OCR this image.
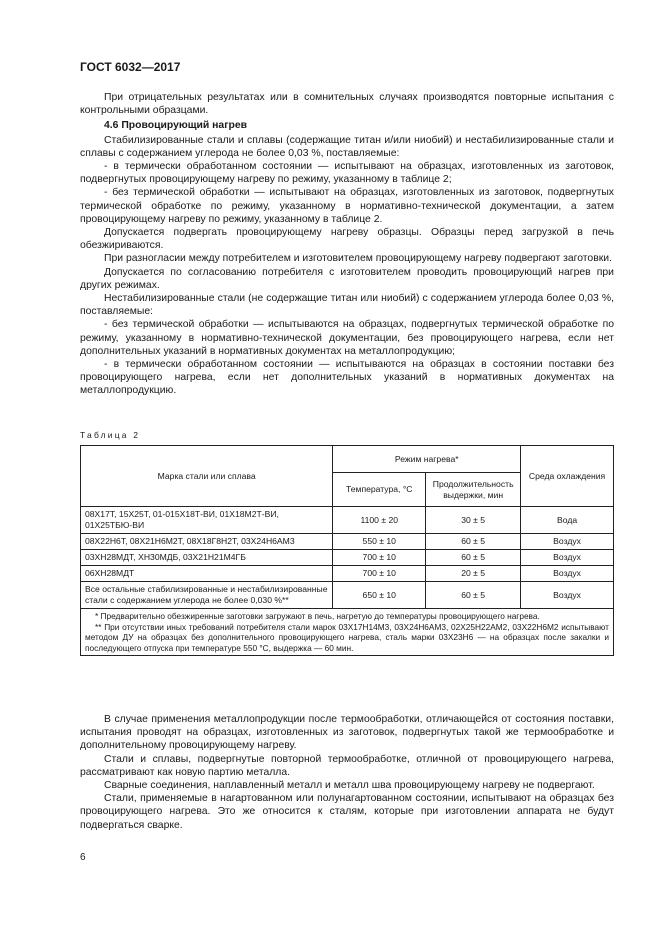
ГОСТ 6032—2017

При отрицательных результатах или в сомнительных случаях производятся повторные испытания с контрольными образцами.

4.6 Провоцирующий нагрев

Стабилизированные стали и сплавы (содержащие титан и/или ниобий) и нестабилизированные стали и сплавы с содержанием углерода не более 0,03 %, поставляемые:

- в термически обработанном состоянии — испытывают на образцах, изготовленных из заготовок, подвергнутых провоцирующему нагреву по режиму, указанному в таблице 2;

- без термической обработки — испытывают на образцах, изготовленных из заготовок, подвергнутых термической обработке по режиму, указанному в нормативно-технической документации, а затем провоцирующему нагреву по режиму, указанному в таблице 2.

Допускается подвергать провоцирующему нагреву образцы. Образцы перед загрузкой в печь обезжириваются.

При разногласии между потребителем и изготовителем провоцирующему нагреву подвергают заготовки.

Допускается по согласованию потребителя с изготовителем проводить провоцирующий нагрев при других режимах.

Нестабилизированные стали (не содержащие титан или ниобий) с содержанием углерода более 0,03 %, поставляемые:

- без термической обработки — испытываются на образцах, подвергнутых термической обработке по режиму, указанному в нормативно-технической документации, без провоцирующего нагрева, если нет дополнительных указаний в нормативных документах на металлопродукцию;

- в термически обработанном состоянии — испытываются на образцах в состоянии поставки без провоцирующего нагрева, если нет дополнительных указаний в нормативных документах на металлопродукцию.

Таблица 2
Марка стали или сплава	Режим нагрева*		Среда охлаждения
	Температура, °С	Продолжительность выдержки, мин	
08Х17Т, 15Х25Т, 01-015Х18Т-ВИ, 01Х18М2Т-ВИ, 01Х25ТБЮ-ВИ	1100 ± 20	30 ± 5	Вода
08Х22Н6Т, 08Х21Н6М2Т, 08Х18Г8Н2Т, 03Х24Н6АМ3	550 ± 10	60 ± 5	Воздух
03ХН28МДТ, ХН30МДБ, 03Х21Н21М4ГБ	700 ± 10	60 ± 5	Воздух
06ХН28МДТ	700 ± 10	20 ± 5	Воздух
Все остальные стабилизированные и нестабилизированные стали с содержанием углерода не более 0,030 %**	650 ± 10	60 ± 5	Воздух

* Предварительно обезжиренные заготовки загружают в печь, нагретую до температуры провоцирующего нагрева.

** При отсутствии иных требований потребителя стали марок 03Х17Н14М3, 03Х24Н6АМ3, 02Х25Н22АМ2, 03Х22Н6М2 испытывают методом ДУ на образцах без дополнительного провоцирующего нагрева, сталь марки 03Х23Н6 — на образцах после закалки и последующего отпуска при температуре 550 °С, выдержка — 60 мин.			

В случае применения металлопродукции после термообработки, отличающейся от состояния поставки, испытания проводят на образцах, изготовленных из заготовок, подвергнутых такой же термообработке и дополнительному провоцирующему нагреву.

Стали и сплавы, подвергнутые повторной термообработке, отличной от провоцирующего нагрева, рассматривают как новую партию металла.

Сварные соединения, наплавленный металл и металл шва провоцирующему нагреву не подвергают.

Стали, применяемые в нагартованном или полунагартованном состоянии, испытывают на образцах без провоцирующего нагрева. Это же относится к сталям, которые при изготовлении аппарата не будут подвергаться сварке.

6
